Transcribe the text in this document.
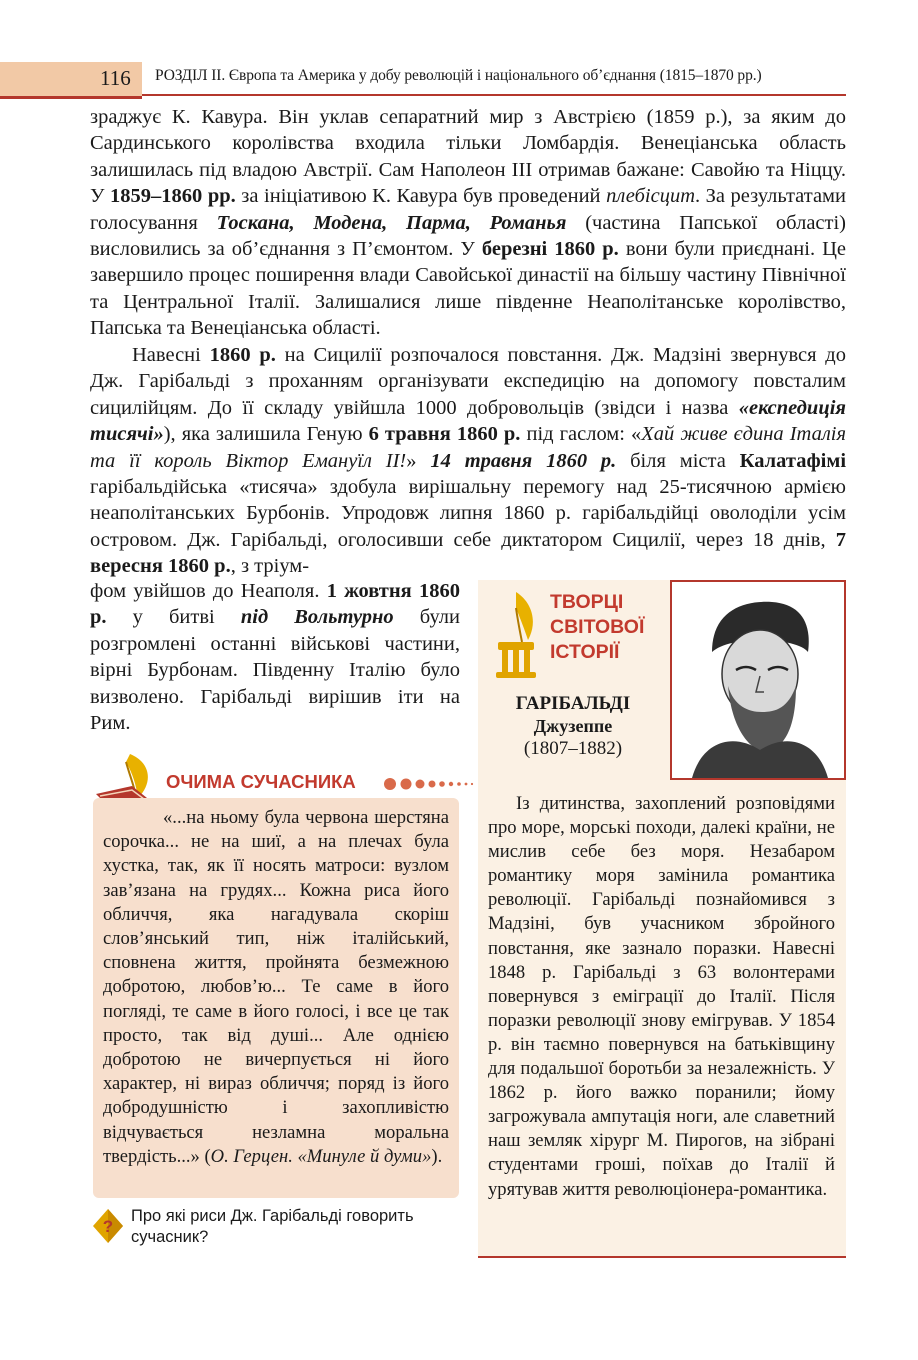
116 РОЗДІЛ ІІ. Європа та Америка у добу революцій і національного об’єднання (1815–1870 рр.)

зраджує К. Кавура. Він уклав сепаратний мир з Австрією (1859 р.), за яким до Сардинського королівства входила тільки Ломбардія. Венеціанська область залишилась під владою Австрії. Сам Наполеон ІІІ отримав бажане: Савойю та Ніццу. У 1859–1860 рр. за ініціативою К. Кавура був проведений плебісцит. За результатами голосування Тоскана, Модена, Парма, Романья (частина Папської області) висловились за об’єднання з П’ємонтом. У березні 1860 р. вони були приєднані. Це завершило процес поширення влади Савойської династії на більшу частину Північної та Центральної Італії. Залишалися лише південне Неаполітанське королівство, Папська та Венеціанська області.

Навесні 1860 р. на Сицилії розпочалося повстання. Дж. Мадзіні звернувся до Дж. Гарібальді з проханням організувати експедицію на допомогу повсталим сицилійцям. До її складу увійшла 1000 добровольців (звідси і назва «експедиція тисячі»), яка залишила Геную 6 травня 1860 р. під гаслом: «Хай живе єдина Італія та її король Віктор Емануїл ІІ!» 14 травня 1860 р. біля міста Калатафімі гарібальдійська «тисяча» здобула вирішальну перемогу над 25-тисячною армією неаполітанських Бурбонів. Упродовж липня 1860 р. гарібальдійці оволоділи усім островом. Дж. Гарібальді, оголосивши себе диктатором Сицилії, через 18 днів, 7 вересня 1860 р., з тріум-

фом увійшов до Неаполя. 1 жовтня 1860 р. у битві під Вольтурно були розгромлені останні військові частини, вірні Бурбонам. Південну Італію було визволено. Гарібальді вирішив іти на Рим.

ТВОРЦІ
СВІТОВОЇ
ІСТОРІЇ
ГАРІБАЛЬДІ
Джузеппе
(1807–1882)

Із дитинства, захоплений розповідями про море, морські походи, далекі країни, не мислив себе без моря. Незабаром романтику моря замінила романтика революції. Гарібальді познайомився з Мадзіні, був учасником збройного повстання, яке зазнало поразки. Навесні 1848 р. Гарібальді з 63 волонтерами повернувся з еміграції до Італії. Після поразки революції знову емігрував. У 1854 р. він таємно повернувся на батьківщину для подальшої боротьби за незалежність. У 1862 р. його важко поранили; йому загрожувала ампутація ноги, але славетний наш земляк хірург М. Пирогов, на зібрані студентами гроші, поїхав до Італії й урятував життя революціонера-романтика.

ОЧИМА СУЧАСНИКА

«...на ньому була червона шерстяна сорочка... не на шиї, а на плечах була хустка, так, як її носять матроси: вузлом зав’язана на грудях... Кожна риса його обличчя, яка нагадувала скоріш слов’янський тип, ніж італійський, сповнена життя, пройнята безмежною добротою, любов’ю... Те саме в його погляді, те саме в його голосі, і все це так просто, так від душі... Але однією добротою не вичерпується ні його характер, ні вираз обличчя; поряд із його добродушністю і захопливістю відчувається незламна моральна твердість...» (О. Герцен. «Минуле й думи»).

?
Про які риси Дж. Гарібальді говорить сучасник?
